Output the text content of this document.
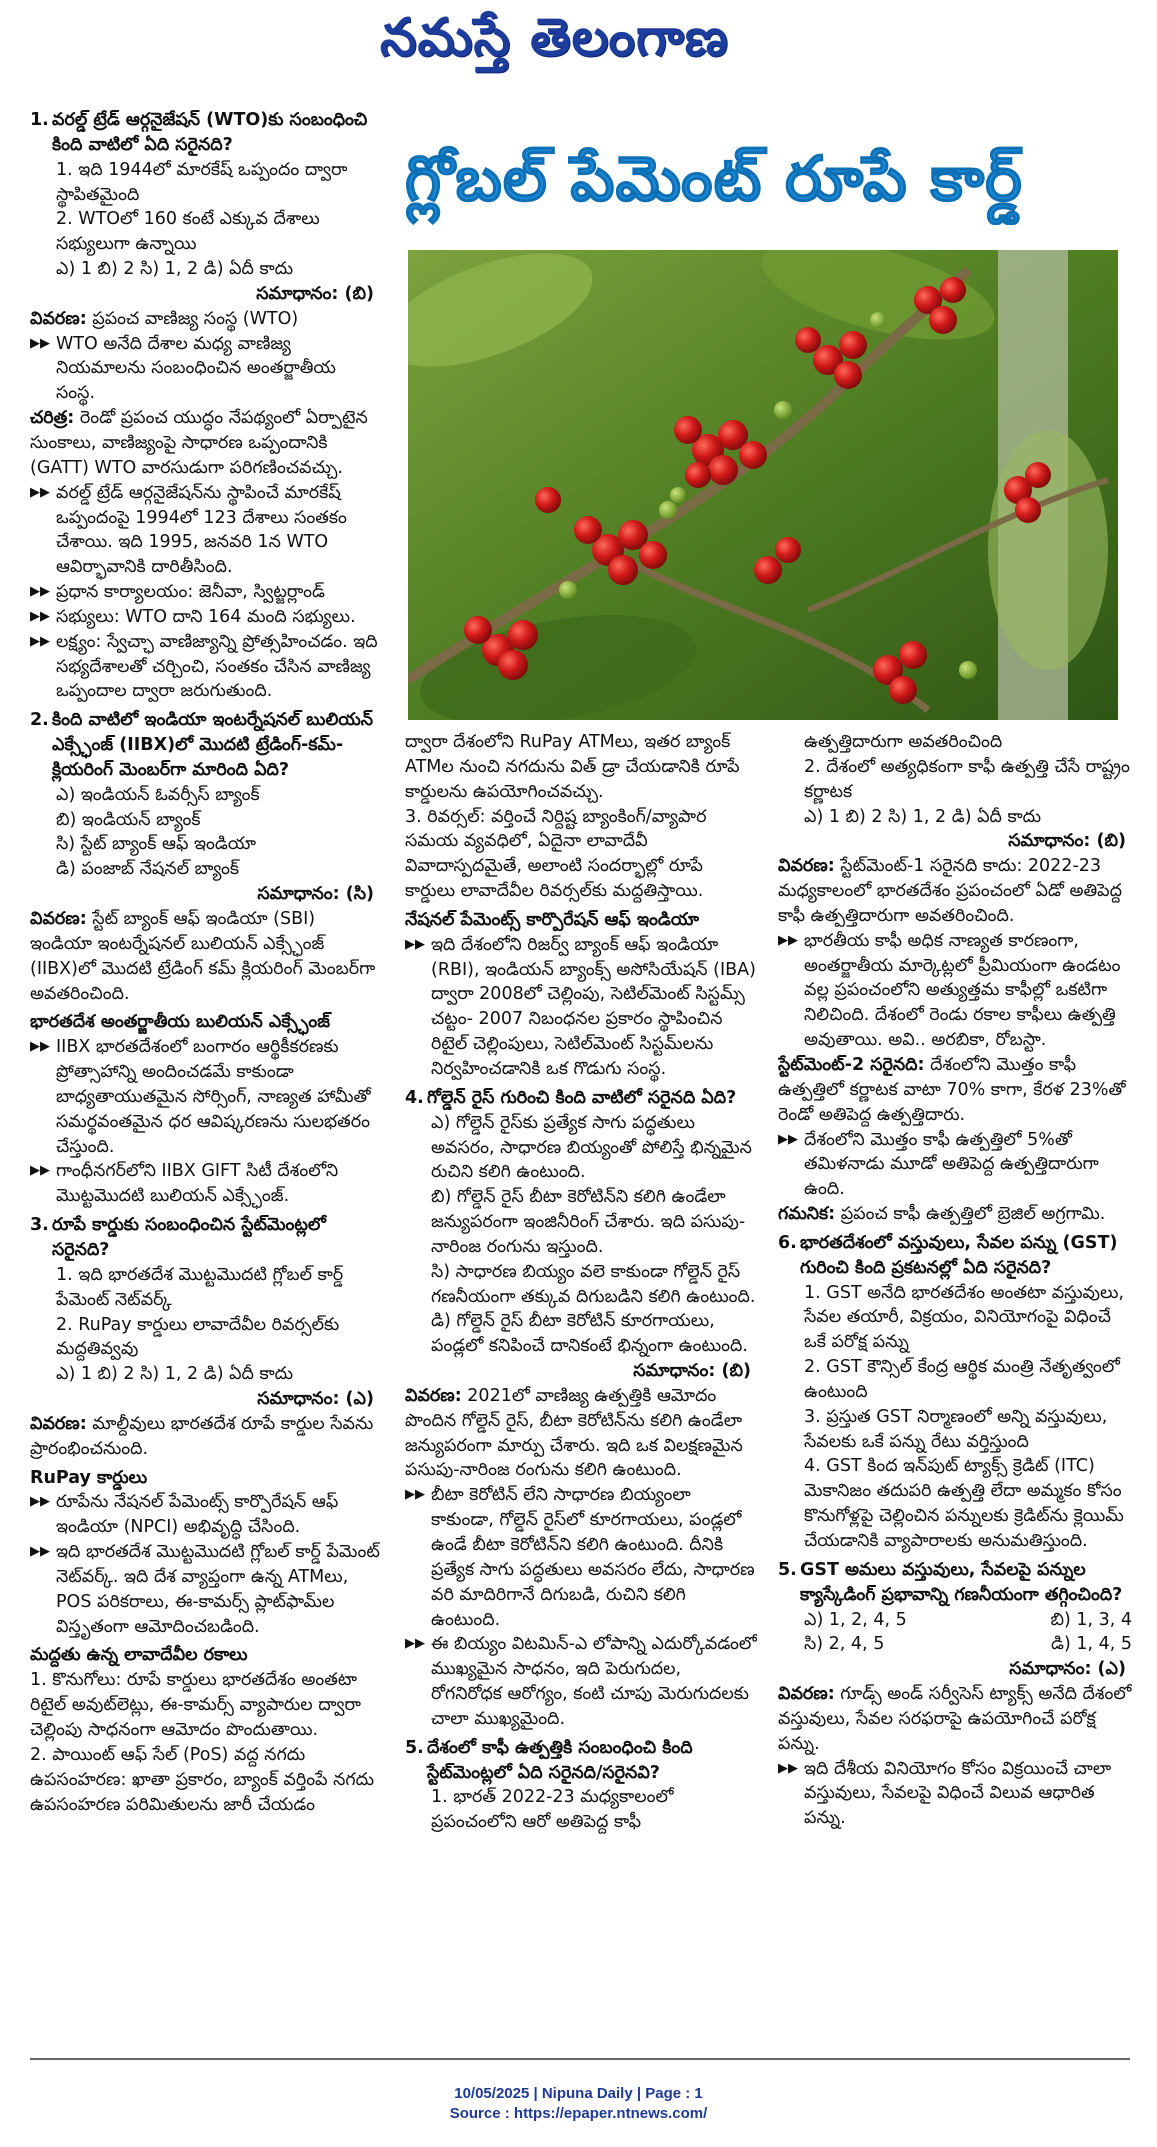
నమస్తే తెలంగాణ
గ్లోబల్ పేమెంట్ రూపే కార్డ్
1. వరల్డ్ ట్రేడ్ ఆర్గనైజేషన్ (WTO)కు సంబంధించి కింది వాటిలో ఏది సరైనది?
1. ఇది 1944లో మారకేష్ ఒప్పందం ద్వారా స్థాపితమైంది
2. WTOలో 160 కంటే ఎక్కువ దేశాలు సభ్యులుగా ఉన్నాయి
ఎ) 1 బి) 2 సి) 1, 2 డి) ఏదీ కాదు
సమాధానం: (బి)
వివరణ: ప్రపంచ వాణిజ్య సంస్థ (WTO)
▶▶ WTO అనేది దేశాల మధ్య వాణిజ్య నియమాలను సంబంధించిన అంతర్జాతీయ సంస్థ.
చరిత్ర: రెండో ప్రపంచ యుద్ధం నేపథ్యంలో ఏర్పాటైన సుంకాలు, వాణిజ్యంపై సాధారణ ఒప్పందానికి (GATT) WTO వారసుడుగా పరిగణించవచ్చు.
▶▶ వరల్డ్ ట్రేడ్ ఆర్గనైజేషన్‌ను స్థాపించే మారకేష్ ఒప్పందంపై 1994లో 123 దేశాలు సంతకం చేశాయి. ఇది 1995, జనవరి 1న WTO ఆవిర్భావానికి దారితీసింది.
▶▶ ప్రధాన కార్యాలయం: జెనీవా, స్విట్జర్లాండ్
▶▶ సభ్యులు: WTO దాని 164 మంది సభ్యులు.
▶▶ లక్ష్యం: స్వేచ్ఛా వాణిజ్యాన్ని ప్రోత్సహించడం. ఇది సభ్యదేశాలతో చర్చించి, సంతకం చేసిన వాణిజ్య ఒప్పందాల ద్వారా జరుగుతుంది.
2. కింది వాటిలో ఇండియా ఇంటర్నేషనల్ బులియన్ ఎక్స్ఛేంజ్ (IIBX)లో మొదటి ట్రేడింగ్-కమ్-క్లియరింగ్ మెంబర్‌గా మారింది ఏది?
ఎ) ఇండియన్ ఓవర్సీస్ బ్యాంక్
బి) ఇండియన్ బ్యాంక్
సి) స్టేట్ బ్యాంక్ ఆఫ్ ఇండియా
డి) పంజాబ్ నేషనల్ బ్యాంక్
సమాధానం: (సి)
వివరణ: స్టేట్ బ్యాంక్ ఆఫ్ ఇండియా (SBI) ఇండియా ఇంటర్నేషనల్ బులియన్ ఎక్స్ఛేంజ్ (IIBX)లో మొదటి ట్రేడింగ్ కమ్ క్లియరింగ్ మెంబర్‌గా అవతరించింది.
భారతదేశ అంతర్జాతీయ బులియన్ ఎక్స్ఛేంజ్
▶▶ IIBX భారతదేశంలో బంగారం ఆర్థికీకరణకు ప్రోత్సాహాన్ని అందించడమే కాకుండా బాధ్యతాయుతమైన సోర్సింగ్, నాణ్యత హామీతో సమర్థవంతమైన ధర ఆవిష్కరణను సులభతరం చేస్తుంది.
▶▶ గాంధీనగర్‌లోని IIBX GIFT సిటీ దేశంలోని మొట్టమొదటి బులియన్ ఎక్స్ఛేంజ్.
3. రూపే కార్డుకు సంబంధించిన స్టేట్‌మెంట్లలో సరైనది?
1. ఇది భారతదేశ మొట్టమొదటి గ్లోబల్ కార్డ్ పేమెంట్ నెట్‌వర్క్
2. RuPay కార్డులు లావాదేవీల రివర్సల్‌కు మద్దతివ్వవు
ఎ) 1 బి) 2 సి) 1, 2 డి) ఏదీ కాదు
సమాధానం: (ఎ)
వివరణ: మాల్దీవులు భారతదేశ రూపే కార్డుల సేవను ప్రారంభించనుంది.
RuPay కార్డులు
▶▶ రూపేను నేషనల్ పేమెంట్స్ కార్పొరేషన్ ఆఫ్ ఇండియా (NPCI) అభివృద్ధి చేసింది.
▶▶ ఇది భారతదేశ మొట్టమొదటి గ్లోబల్ కార్డ్ పేమెంట్ నెట్‌వర్క్. ఇది దేశ వ్యాప్తంగా ఉన్న ATMలు, POS పరికరాలు, ఈ-కామర్స్ ప్లాట్‌ఫామ్‌ల విస్తృతంగా ఆమోదించబడింది.
మద్దతు ఉన్న లావాదేవీల రకాలు
1. కొనుగోలు: రూపే కార్డులు భారతదేశం అంతటా రిటైల్ అవుట్‌లెట్లు, ఈ-కామర్స్ వ్యాపారుల ద్వారా చెల్లింపు సాధనంగా ఆమోదం పొందుతాయి.
2. పాయింట్ ఆఫ్ సేల్ (PoS) వద్ద నగదు ఉపసంహరణ: ఖాతా ప్రకారం, బ్యాంక్ వర్తింపే నగదు ఉపసంహరణ పరిమితులను జారీ చేయడం
ద్వారా దేశంలోని RuPay ATMలు, ఇతర బ్యాంక్ ATMల నుంచి నగదును విత్ డ్రా చేయడానికి రూపే కార్డులను ఉపయోగించవచ్చు.
3. రివర్సల్: వర్తించే నిర్దిష్ట బ్యాంకింగ్/వ్యాపార సమయ వ్యవధిలో, ఏదైనా లావాదేవీ వివాదాస్పదమైతే, అలాంటి సందర్భాల్లో రూపే కార్డులు లావాదేవీల రివర్సల్‌కు మద్దతిస్తాయి.
నేషనల్ పేమెంట్స్ కార్పొరేషన్ ఆఫ్ ఇండియా
▶▶ ఇది దేశంలోని రిజర్వ్ బ్యాంక్ ఆఫ్ ఇండియా (RBI), ఇండియన్ బ్యాంక్స్ అసోసియేషన్ (IBA) ద్వారా 2008లో చెల్లింపు, సెటిల్‌మెంట్ సిస్టమ్స్ చట్టం- 2007 నిబంధనల ప్రకారం స్థాపించిన రిటైల్ చెల్లింపులు, సెటిల్‌మెంట్ సిస్టమ్‌లను నిర్వహించడానికి ఒక గొడుగు సంస్థ.
4. గోల్డెన్ రైస్ గురించి కింది వాటిలో సరైనది ఏది?
ఎ) గోల్డెన్ రైస్‌కు ప్రత్యేక సాగు పద్ధతులు అవసరం, సాధారణ బియ్యంతో పోలిస్తే భిన్నమైన రుచిని కలిగి ఉంటుంది.
బి) గోల్డెన్ రైస్ బీటా కెరోటిన్‌ని కలిగి ఉండేలా జన్యుపరంగా ఇంజినీరింగ్ చేశారు. ఇది పసుపు-నారింజ రంగును ఇస్తుంది.
సి) సాధారణ బియ్యం వలె కాకుండా గోల్డెన్ రైస్ గణనీయంగా తక్కువ దిగుబడిని కలిగి ఉంటుంది.
డి) గోల్డెన్ రైస్ బీటా కెరోటిన్ కూరగాయలు, పండ్లలో కనిపించే దానికంటే భిన్నంగా ఉంటుంది.
సమాధానం: (బి)
వివరణ: 2021లో వాణిజ్య ఉత్పత్తికి ఆమోదం పొందిన గోల్డెన్ రైస్, బీటా కెరోటిన్‌ను కలిగి ఉండేలా జన్యుపరంగా మార్పు చేశారు. ఇది ఒక విలక్షణమైన పసుపు-నారింజ రంగును కలిగి ఉంటుంది.
▶▶ బీటా కెరోటిన్ లేని సాధారణ బియ్యంలా కాకుండా, గోల్డెన్ రైస్‌లో కూరగాయలు, పండ్లలో ఉండే బీటా కెరోటిన్‌ని కలిగి ఉంటుంది. దీనికి ప్రత్యేక సాగు పద్ధతులు అవసరం లేదు, సాధారణ వరి మాదిరిగానే దిగుబడి, రుచిని కలిగి ఉంటుంది.
▶▶ ఈ బియ్యం విటమిన్-ఎ లోపాన్ని ఎదుర్కోవడంలో ముఖ్యమైన సాధనం, ఇది పెరుగుదల, రోగనిరోధక ఆరోగ్యం, కంటి చూపు మెరుగుదలకు చాలా ముఖ్యమైంది.
5. దేశంలో కాఫీ ఉత్పత్తికి సంబంధించి కింది స్టేట్‌మెంట్లలో ఏది సరైనది/సరైనవి?
1. భారత్ 2022-23 మధ్యకాలంలో ప్రపంచంలోని ఆరో అతిపెద్ద కాఫీ
ఉత్పత్తిదారుగా అవతరించింది
2. దేశంలో అత్యధికంగా కాఫీ ఉత్పత్తి చేసే రాష్ట్రం కర్ణాటక
ఎ) 1 బి) 2 సి) 1, 2 డి) ఏదీ కాదు
సమాధానం: (బి)
వివరణ: స్టేట్‌మెంట్-1 సరైనది కాదు: 2022-23 మధ్యకాలంలో భారతదేశం ప్రపంచంలో ఏడో అతిపెద్ద కాఫీ ఉత్పత్తిదారుగా అవతరించింది.
▶▶ భారతీయ కాఫీ అధిక నాణ్యత కారణంగా, అంతర్జాతీయ మార్కెట్లలో ప్రీమియంగా ఉండటం వల్ల ప్రపంచంలోని అత్యుత్తమ కాఫీల్లో ఒకటిగా నిలిచింది. దేశంలో రెండు రకాల కాఫీలు ఉత్పత్తి అవుతాయి. అవి.. అరబికా, రోబస్టా.
స్టేట్‌మెంట్-2 సరైనది: దేశంలోని మొత్తం కాఫీ ఉత్పత్తిలో కర్ణాటక వాటా 70% కాగా, కేరళ 23%తో రెండో అతిపెద్ద ఉత్పత్తిదారు.
▶▶ దేశంలోని మొత్తం కాఫీ ఉత్పత్తిలో 5%తో తమిళనాడు మూడో అతిపెద్ద ఉత్పత్తిదారుగా ఉంది.
గమనిక: ప్రపంచ కాఫీ ఉత్పత్తిలో బ్రెజిల్ అగ్రగామి.
6. భారతదేశంలో వస్తువులు, సేవల పన్ను (GST) గురించి కింది ప్రకటనల్లో ఏది సరైనది?
1. GST అనేది భారతదేశం అంతటా వస్తువులు, సేవల తయారీ, విక్రయం, వినియోగంపై విధించే ఒకే పరోక్ష పన్ను
2. GST కౌన్సిల్ కేంద్ర ఆర్థిక మంత్రి నేతృత్వంలో ఉంటుంది
3. ప్రస్తుత GST నిర్మాణంలో అన్ని వస్తువులు, సేవలకు ఒకే పన్ను రేటు వర్తిస్తుంది
4. GST కింద ఇన్‌పుట్ ట్యాక్స్ క్రెడిట్ (ITC) మెకానిజం తదుపరి ఉత్పత్తి లేదా అమ్మకం కోసం కొనుగోళ్లపై చెల్లించిన పన్నులకు క్రెడిట్‌ను క్లెయిమ్ చేయడానికి వ్యాపారాలకు అనుమతిస్తుంది.
5. GST అమలు వస్తువులు, సేవలపై పన్నుల క్యాస్కేడింగ్ ప్రభావాన్ని గణనీయంగా తగ్గించింది?
ఎ) 1, 2, 4, 5	బి) 1, 3, 4
సి) 2, 4, 5	డి) 1, 4, 5
సమాధానం: (ఎ)
వివరణ: గూడ్స్ అండ్ సర్వీసెస్ ట్యాక్స్ అనేది దేశంలో వస్తువులు, సేవల సరఫరాపై ఉపయోగించే పరోక్ష పన్ను.
▶▶ ఇది దేశీయ వినియోగం కోసం విక్రయించే చాలా వస్తువులు, సేవలపై విధించే విలువ ఆధారిత పన్ను.
10/05/2025 | Nipuna Daily | Page : 1
Source : https://epaper.ntnews.com/
